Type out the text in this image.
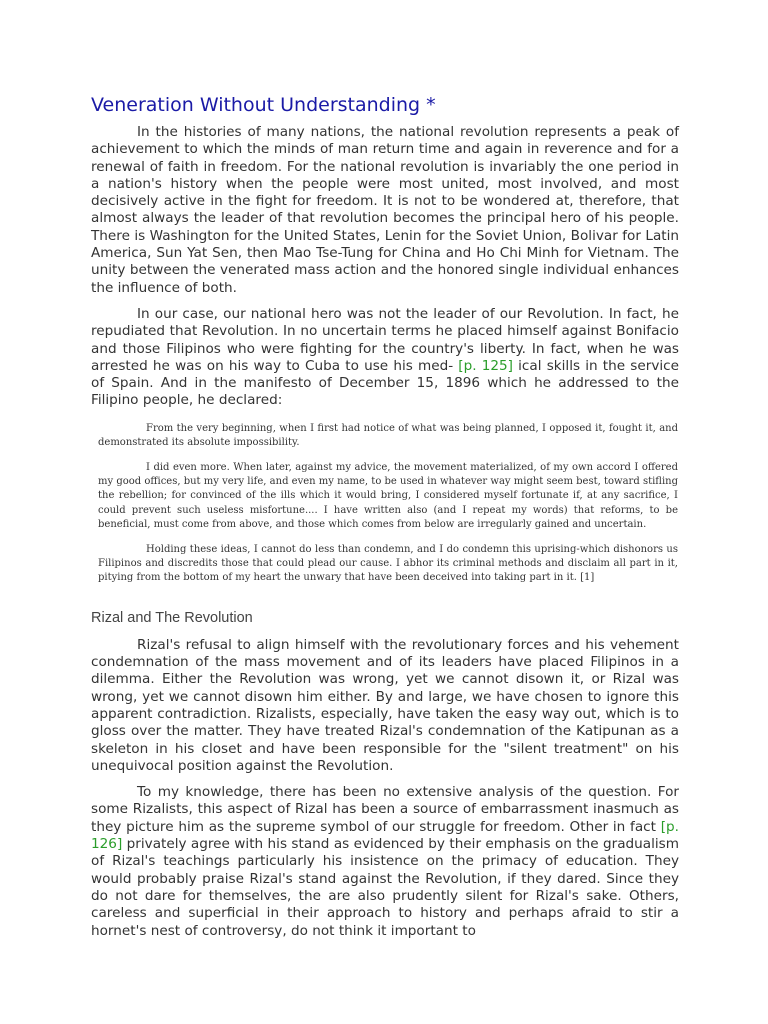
Veneration Without Understanding *

In the histories of many nations, the national revolution represents a peak of achievement to which the minds of man return time and again in reverence and for a renewal of faith in freedom. For the national revolution is invariably the one period in a nation's history when the people were most united, most involved, and most decisively active in the fight for freedom. It is not to be wondered at, therefore, that almost always the leader of that revolution becomes the principal hero of his people. There is Washington for the United States, Lenin for the Soviet Union, Bolivar for Latin America, Sun Yat Sen, then Mao Tse-Tung for China and Ho Chi Minh for Vietnam. The unity between the venerated mass action and the honored single individual enhances the influence of both.

In our case, our national hero was not the leader of our Revolution. In fact, he repudiated that Revolution. In no uncertain terms he placed himself against Bonifacio and those Filipinos who were fighting for the country's liberty. In fact, when he was arrested he was on his way to Cuba to use his med- [p. 125] ical skills in the service of Spain. And in the manifesto of December 15, 1896 which he addressed to the Filipino people, he declared:

From the very beginning, when I first had notice of what was being planned, I opposed it, fought it, and demonstrated its absolute impossibility.

I did even more. When later, against my advice, the movement materialized, of my own accord I offered my good offices, but my very life, and even my name, to be used in whatever way might seem best, toward stifling the rebellion; for convinced of the ills which it would bring, I considered myself fortunate if, at any sacrifice, I could prevent such useless misfortune.... I have written also (and I repeat my words) that reforms, to be beneficial, must come from above, and those which comes from below are irregularly gained and uncertain.

Holding these ideas, I cannot do less than condemn, and I do condemn this uprising-which dishonors us Filipinos and discredits those that could plead our cause. I abhor its criminal methods and disclaim all part in it, pitying from the bottom of my heart the unwary that have been deceived into taking part in it. [1]

Rizal and The Revolution

Rizal's refusal to align himself with the revolutionary forces and his vehement condemnation of the mass movement and of its leaders have placed Filipinos in a dilemma. Either the Revolution was wrong, yet we cannot disown it, or Rizal was wrong, yet we cannot disown him either. By and large, we have chosen to ignore this apparent contradiction. Rizalists, especially, have taken the easy way out, which is to gloss over the matter. They have treated Rizal's condemnation of the Katipunan as a skeleton in his closet and have been responsible for the "silent treatment" on his unequivocal position against the Revolution.

To my knowledge, there has been no extensive analysis of the question. For some Rizalists, this aspect of Rizal has been a source of embarrassment inasmuch as they picture him as the supreme symbol of our struggle for freedom. Other in fact [p. 126] privately agree with his stand as evidenced by their emphasis on the gradualism of Rizal's teachings particularly his insistence on the primacy of education. They would probably praise Rizal's stand against the Revolution, if they dared. Since they do not dare for themselves, the are also prudently silent for Rizal's sake. Others, careless and superficial in their approach to history and perhaps afraid to stir a hornet's nest of controversy, do not think it important to
